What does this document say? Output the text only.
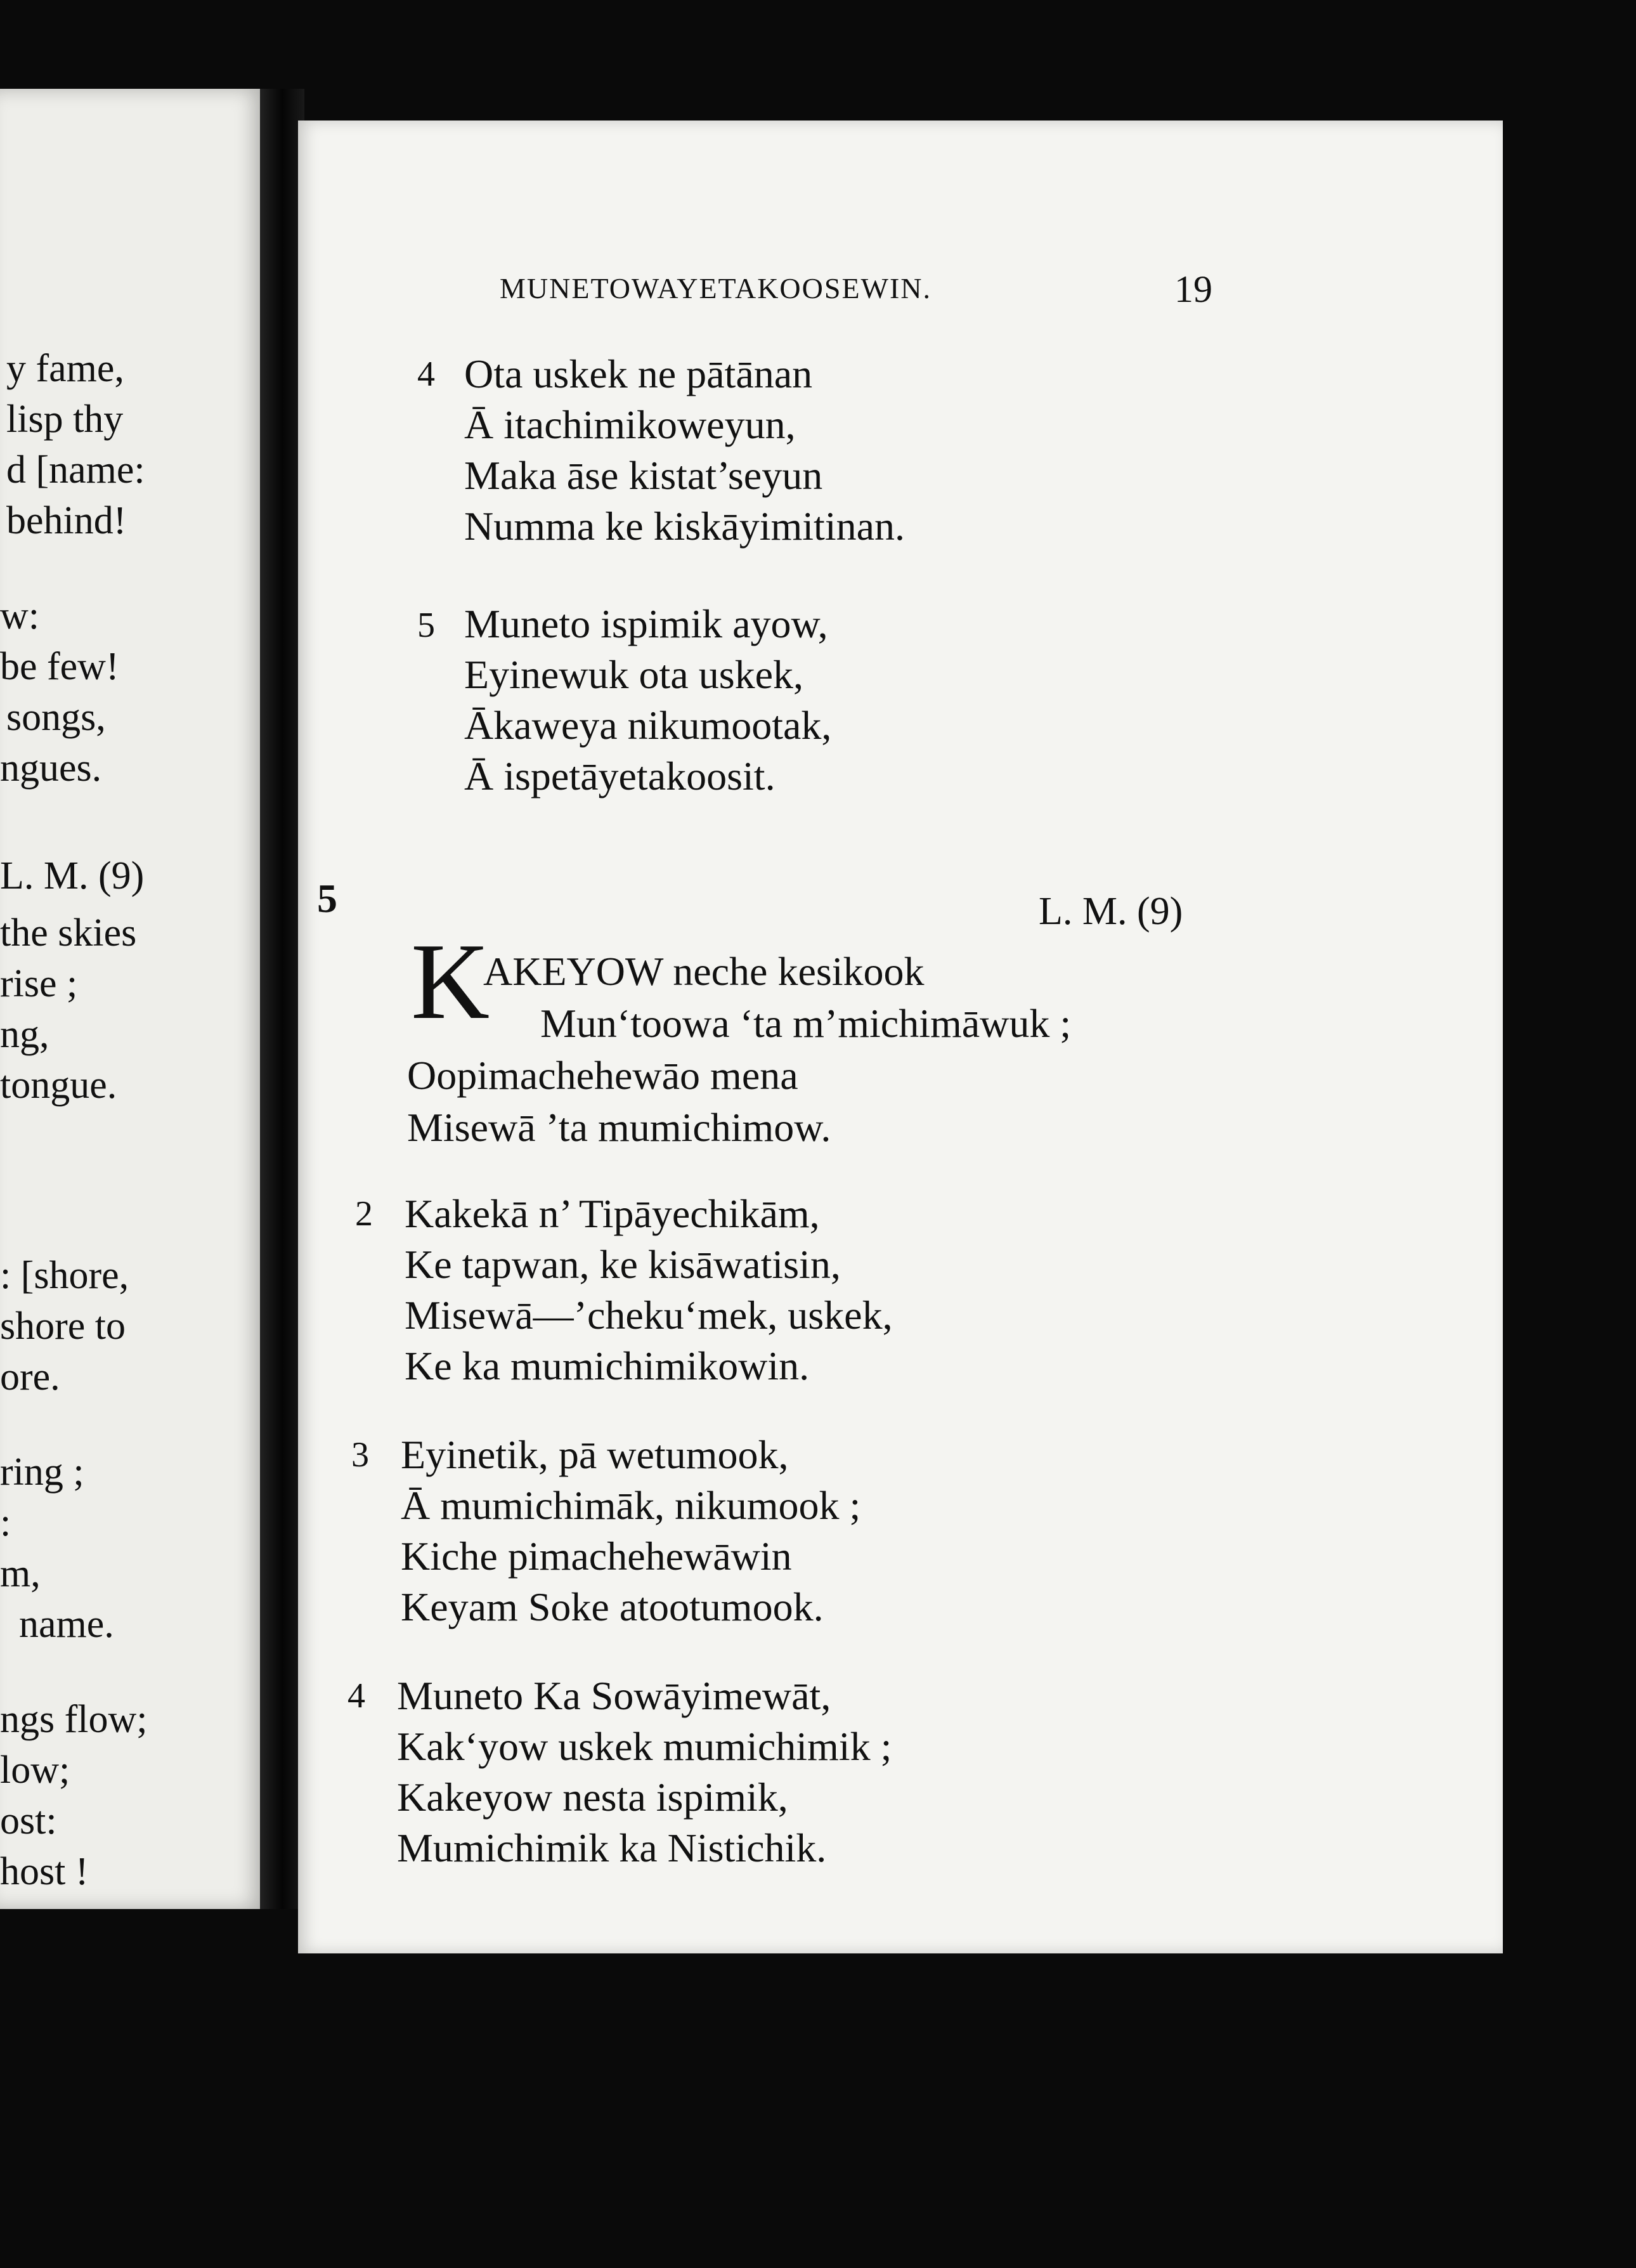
y fame,
lisp thy
d [name:
behind!
w:
be few!
songs,
ngues.
L. M. (9)
the skies
rise ;
ng,
tongue.
: [shore,
shore to
ore.
ring ;
:
m,
name.
ngs flow;
low;
ost:
host !
MUNETOWAYETAKOOSEWIN.	19
4 Ota uskek ne pātānan
Ā itachimikoweyun,
Maka āse kistat’seyun
Numma ke kiskāyimitinan.
5 Muneto ispimik ayow,
Eyinewuk ota uskek,
Ākaweya nikumootak,
Ā ispetāyetakoosit.
5	L. M. (9)
K
AKEYOW neche kesikook
Mun‘toowa ‘ta m’michimāwuk ;
Oopimachehewāo mena
Misewā ’ta mumichimow.
2 Kakekā n’ Tipāyechikām,
Ke tapwan, ke kisāwatisin,
Misewā—’cheku‘mek, uskek,
Ke ka mumichimikowin.
3 Eyinetik, pā wetumook,
Ā mumichimāk, nikumook ;
Kiche pimachehewāwin
Keyam Soke atootumook.
4 Muneto Ka Sowāyimewāt,
Kak‘yow uskek mumichimik ;
Kakeyow nesta ispimik,
Mumichimik ka Nistichik.
